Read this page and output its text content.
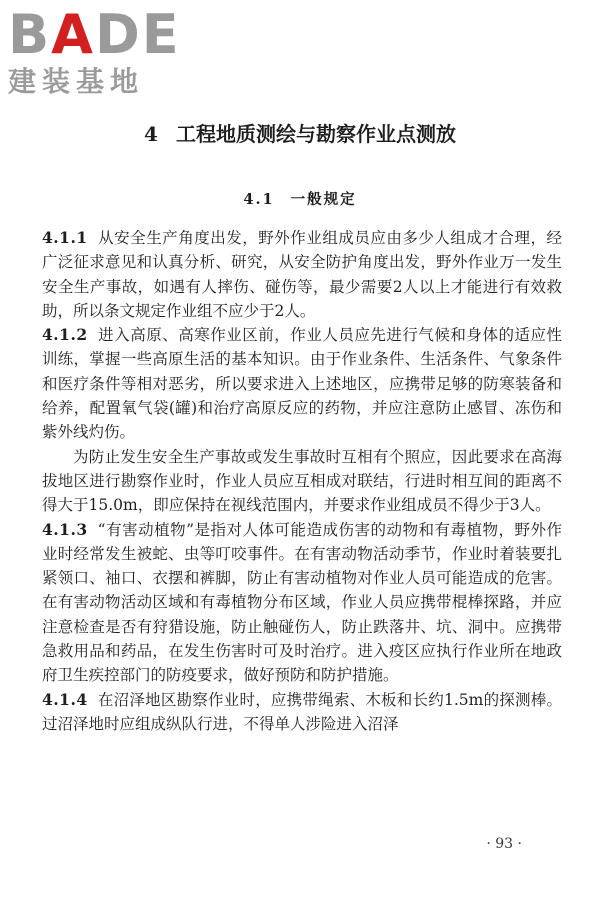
BADE
建装基地
4 工程地质测绘与勘察作业点测放
4.1 一般规定

4.1.1 从安全生产角度出发，野外作业组成员应由多少人组成才合理，经广泛征求意见和认真分析、研究，从安全防护角度出发，野外作业万一发生安全生产事故，如遇有人摔伤、碰伤等，最少需要2人以上才能进行有效救助，所以条文规定作业组不应少于2人。

4.1.2 进入高原、高寒作业区前，作业人员应先进行气候和身体的适应性训练，掌握一些高原生活的基本知识。由于作业条件、生活条件、气象条件和医疗条件等相对恶劣，所以要求进入上述地区，应携带足够的防寒装备和给养，配置氧气袋(罐)和治疗高原反应的药物，并应注意防止感冒、冻伤和紫外线灼伤。

为防止发生安全生产事故或发生事故时互相有个照应，因此要求在高海拔地区进行勘察作业时，作业人员应互相成对联结，行进时相互间的距离不得大于15.0m，即应保持在视线范围内，并要求作业组成员不得少于3人。

4.1.3 “有害动植物”是指对人体可能造成伤害的动物和有毒植物，野外作业时经常发生被蛇、虫等叮咬事件。在有害动物活动季节，作业时着装要扎紧领口、袖口、衣摆和裤脚，防止有害动植物对作业人员可能造成的危害。在有害动物活动区域和有毒植物分布区域，作业人员应携带棍棒探路，并应注意检查是否有狩猎设施，防止触碰伤人，防止跌落井、坑、洞中。应携带急救用品和药品，在发生伤害时可及时治疗。进入疫区应执行作业所在地政府卫生疾控部门的防疫要求，做好预防和防护措施。

4.1.4 在沼泽地区勘察作业时，应携带绳索、木板和长约1.5m的探测棒。过沼泽地时应组成纵队行进，不得单人涉险进入沼泽

· 93 ·
